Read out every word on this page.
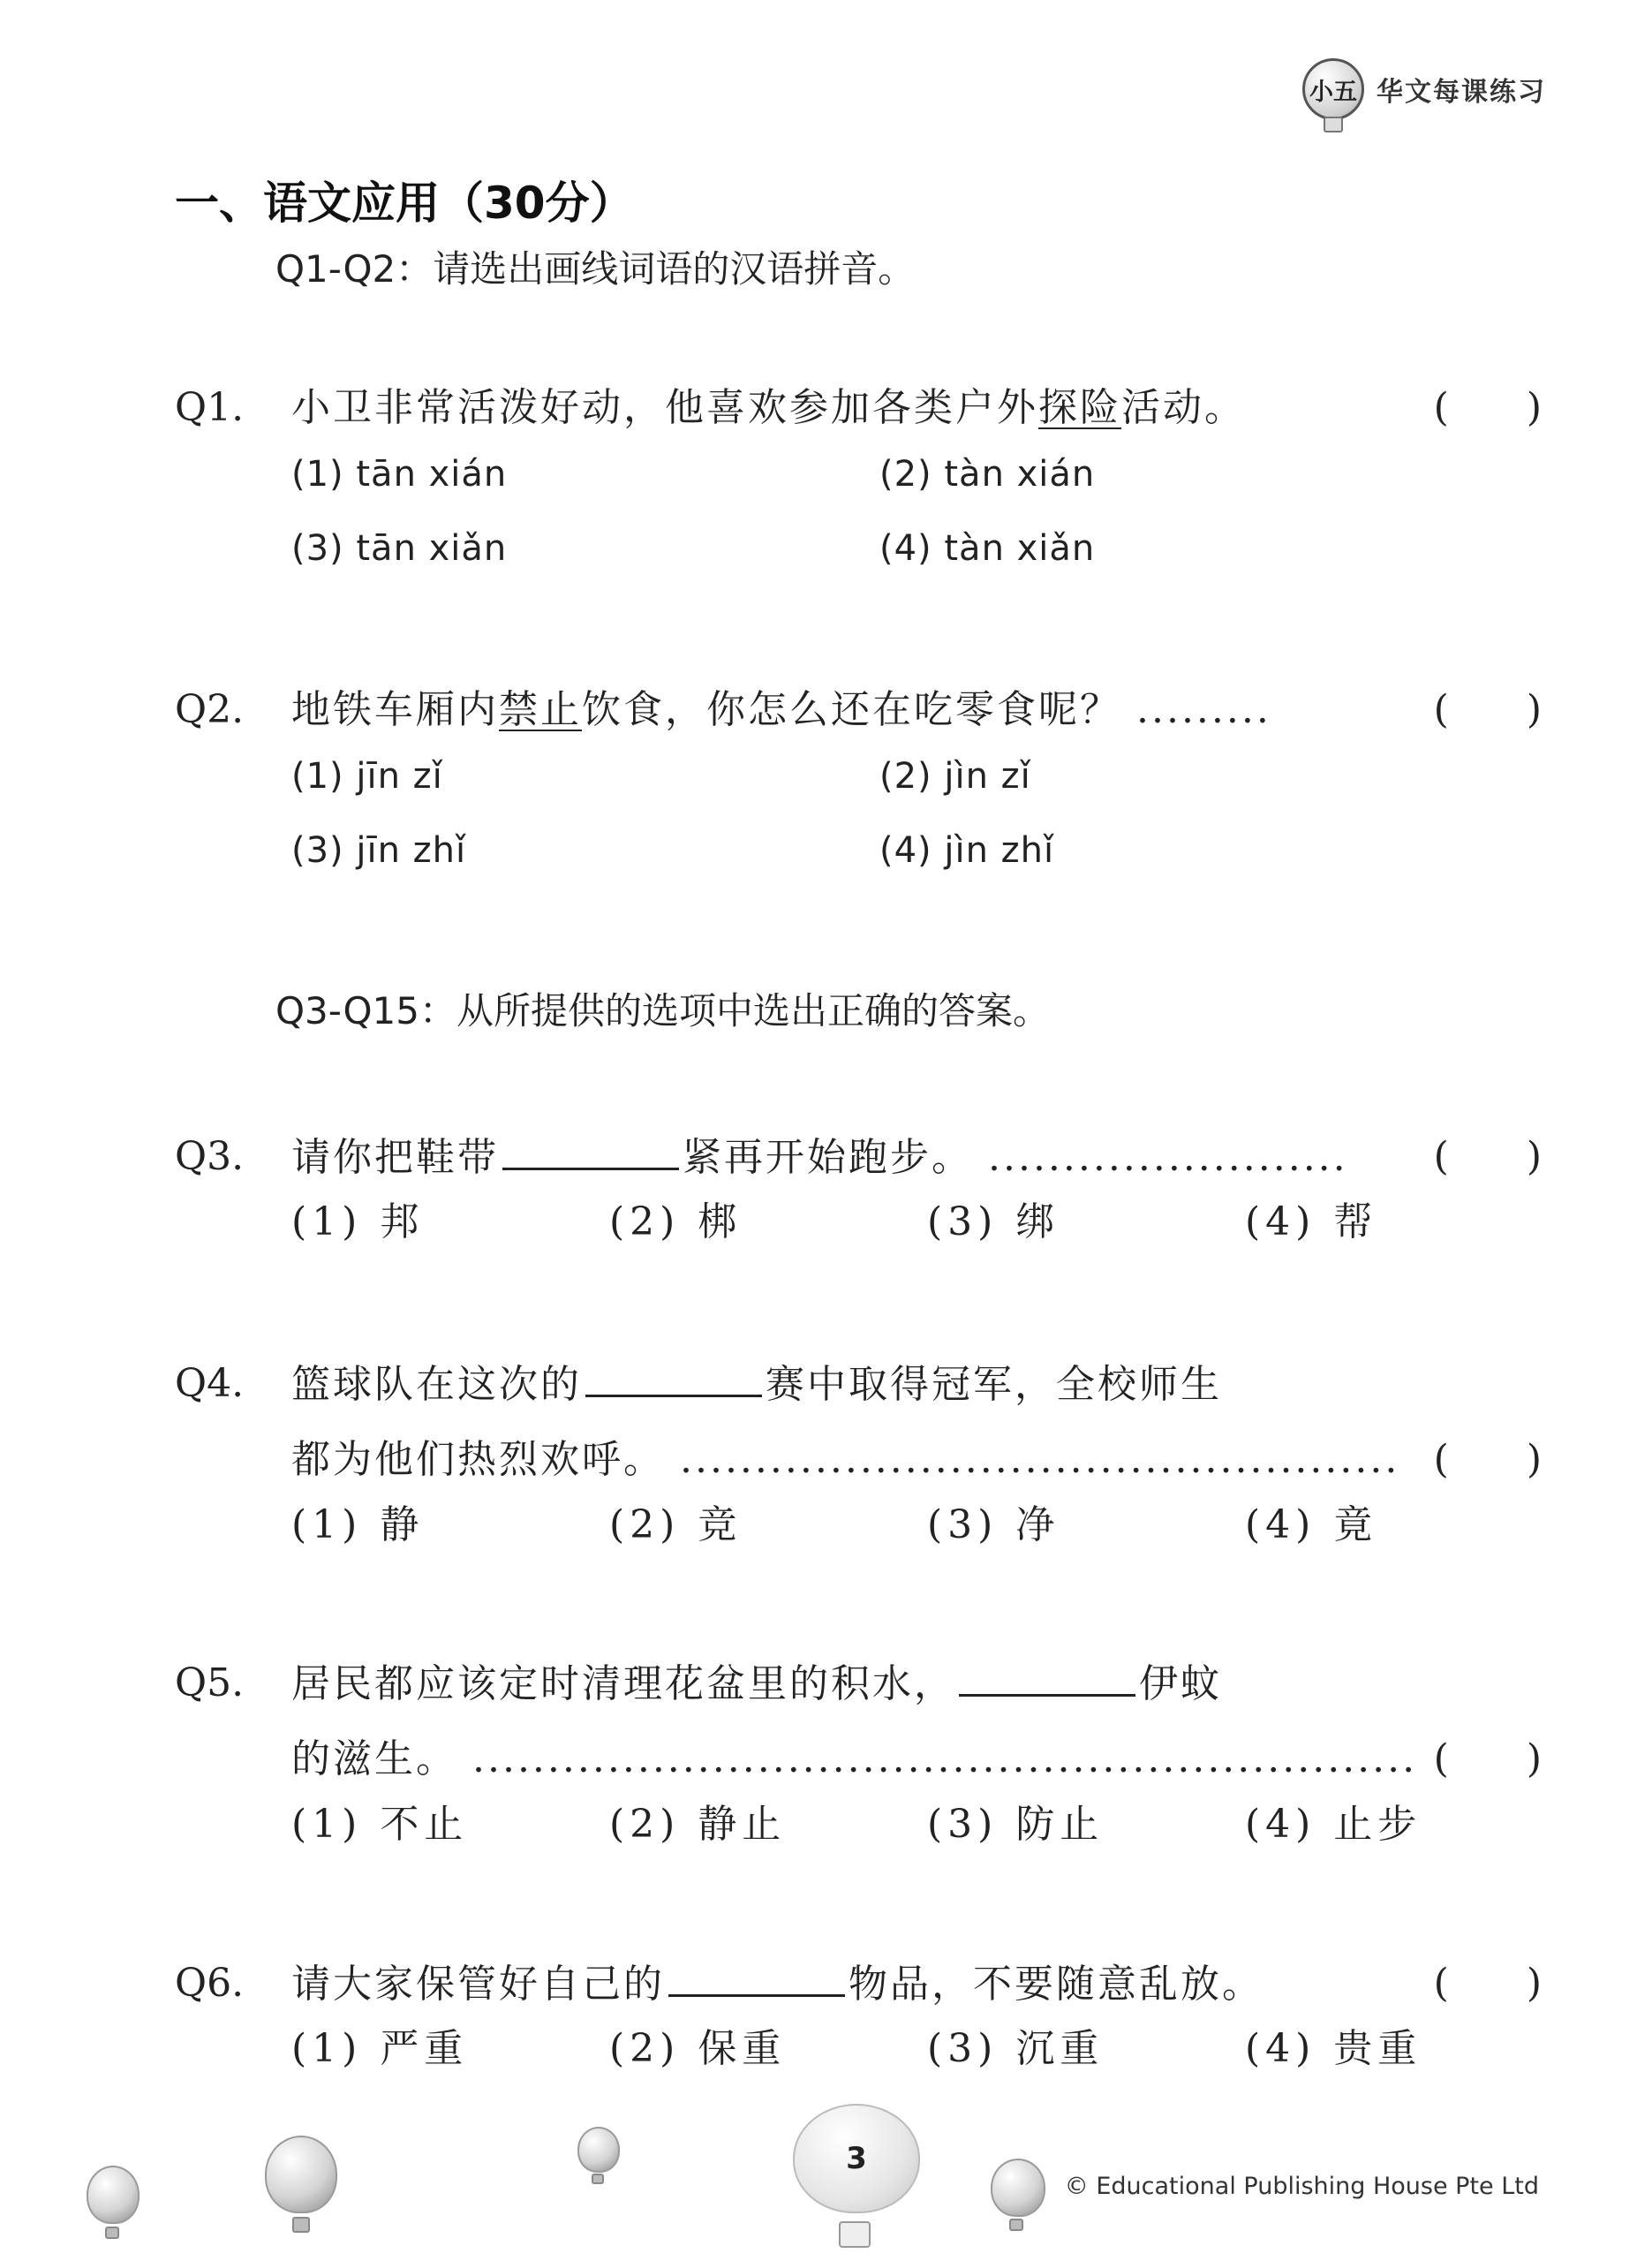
小五 华文每课练习
一、语文应用（30分）
Q1-Q2：请选出画线词语的汉语拼音。
Q1.	小卫非常活泼好动，他喜欢参加各类户外探险活动。	(　　)
(1) tān xián	(2) tàn xián
(3) tān xiǎn	(4) tàn xiǎn
Q2.	地铁车厢内禁止饮食，你怎么还在吃零食呢？ .........	(　　)
(1) jīn zǐ	(2) jìn zǐ
(3) jīn zhǐ	(4) jìn zhǐ
Q3-Q15：从所提供的选项中选出正确的答案。
Q3.	请你把鞋带	紧再开始跑步。 ........................ (　　)
(1) 邦	(2) 梆	(3) 绑	(4) 帮
Q4.	篮球队在这次的	赛中取得冠军，全校师生
都为他们热烈欢呼。 ................................................ (　　)
(1) 静	(2) 竞	(3) 净	(4) 竟
Q5.	居民都应该定时清理花盆里的积水，	伊蚊
的滋生。 ............................................................... (　　)
(1) 不止	(2) 静止	(3) 防止	(4) 止步
Q6.	请大家保管好自己的	物品，不要随意乱放。	(　　)
(1) 严重	(2) 保重	(3) 沉重	(4) 贵重
3
© Educational Publishing House Pte Ltd
